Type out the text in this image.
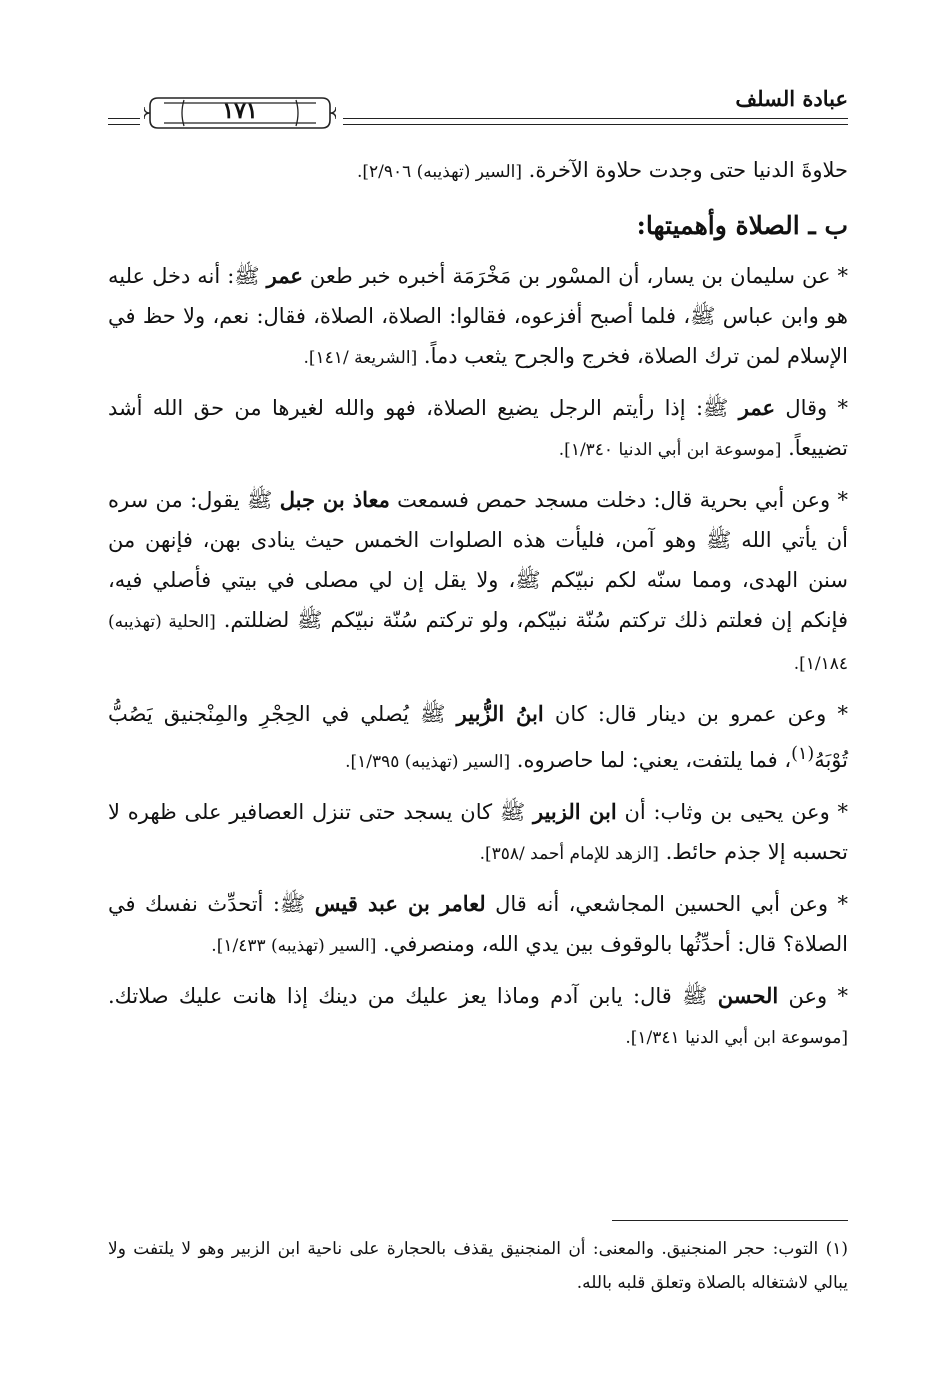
عبادة السلف
١٧١

حلاوةَ الدنيا حتى وجدت حلاوة الآخرة. [السير (تهذيبه) ٢/٩٠٦].

ب ـ الصلاة وأهميتها:

* عن سليمان بن يسار، أن المسْور بن مَخْرَمَة أخبره خبر طعن عمر ﷺ: أنه دخل عليه هو وابن عباس ﷺ، فلما أصبح أفزعوه، فقالوا: الصلاة، الصلاة، فقال: نعم، ولا حظ في الإسلام لمن ترك الصلاة، فخرج والجرح يثعب دماً. [الشريعة /١٤١].

* وقال عمر ﷺ: إذا رأيتم الرجل يضيع الصلاة، فهو والله لغيرها من حق الله أشد تضييعاً. [موسوعة ابن أبي الدنيا ١/٣٤٠].

* وعن أبي بحرية قال: دخلت مسجد حمص فسمعت معاذ بن جبل ﷺ يقول: من سره أن يأتي الله ﷺ وهو آمن، فليأت هذه الصلوات الخمس حيث ينادى بهن، فإنهن من سنن الهدى، ومما سنّه لكم نبيّكم ﷺ، ولا يقل إن لي مصلى في بيتي فأصلي فيه، فإنكم إن فعلتم ذلك تركتم سُنّة نبيّكم، ولو تركتم سُنّة نبيّكم ﷺ لضللتم. [الحلية (تهذيبه) ١/١٨٤].

* وعن عمرو بن دينار قال: كان ابنُ الزُّبير ﷺ يُصلي في الحِجْرِ والمِنْجنيق يَصُبُّ تُوْبَهُ$^{(١)}$، فما يلتفت، يعني: لما حاصروه. [السير (تهذيبه) ١/٣٩٥].

* وعن يحيى بن وثاب: أن ابن الزبير ﷺ كان يسجد حتى تنزل العصافير على ظهره لا تحسبه إلا جذم حائط. [الزهد للإمام أحمد /٣٥٨].

* وعن أبي الحسين المجاشعي، أنه قال لعامر بن عبد قيس ﷺ: أتحدِّث نفسك في الصلاة؟ قال: أحدِّثُها بالوقوف بين يدي الله، ومنصرفي. [السير (تهذيبه) ١/٤٣٣].

* وعن الحسن ﷺ قال: يابن آدم وماذا يعز عليك من دينك إذا هانت عليك صلاتك. [موسوعة ابن أبي الدنيا ١/٣٤١].

(١) التوب: حجر المنجنيق. والمعنى: أن المنجنيق يقذف بالحجارة على ناحية ابن الزبير وهو لا يلتفت ولا يبالي لاشتغاله بالصلاة وتعلق قلبه بالله.
